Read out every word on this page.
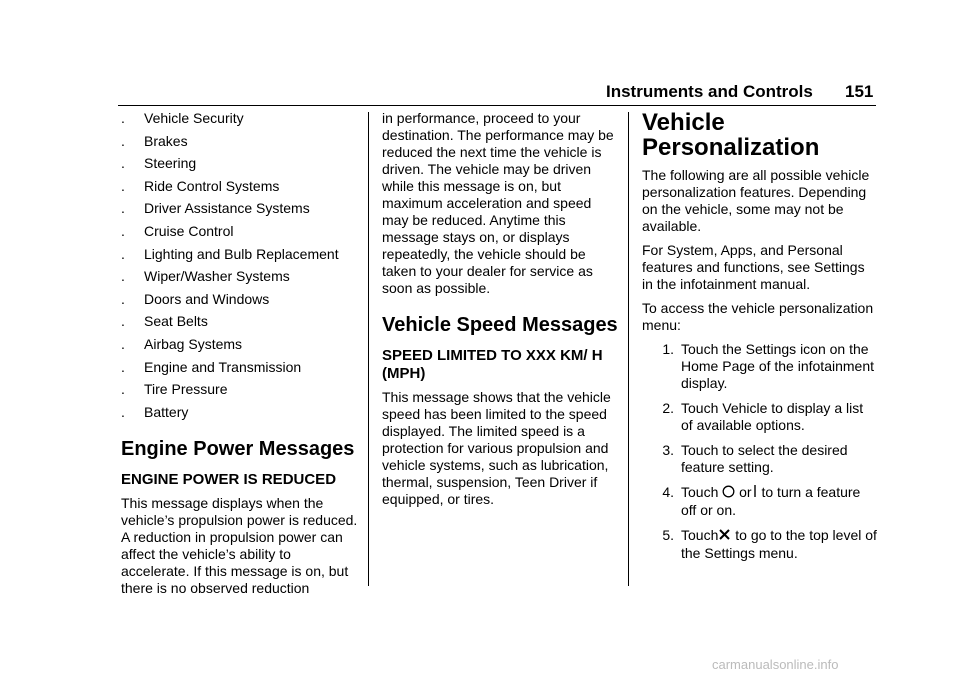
Instruments and Controls 151
.	Vehicle Security
.	Brakes
.	Steering
.	Ride Control Systems
.	Driver Assistance Systems
.	Cruise Control
.	Lighting and Bulb Replacement
.	Wiper/Washer Systems
.	Doors and Windows
.	Seat Belts
.	Airbag Systems
.	Engine and Transmission
.	Tire Pressure
.	Battery
Engine Power Messages
ENGINE POWER IS REDUCED

This message displays when the vehicle’s propulsion power is reduced. A reduction in propulsion power can affect the vehicle’s ability to accelerate. If this message is on, but there is no observed reduction

in performance, proceed to your destination. The performance may be reduced the next time the vehicle is driven. The vehicle may be driven while this message is on, but maximum acceleration and speed may be reduced. Anytime this message stays on, or displays repeatedly, the vehicle should be taken to your dealer for service as soon as possible.

Vehicle Speed Messages
SPEED LIMITED TO XXX KM/ H (MPH)

This message shows that the vehicle speed has been limited to the speed displayed. The limited speed is a protection for various propulsion and vehicle systems, such as lubrication, thermal, suspension, Teen Driver if equipped, or tires.

Vehicle Personalization

The following are all possible vehicle personalization features. Depending on the vehicle, some may not be available.

For System, Apps, and Personal features and functions, see Settings in the infotainment manual.

To access the vehicle personalization menu:

1. Touch the Settings icon on the Home Page of the infotainment display.
2. Touch Vehicle to display a list of available options.
3. Touch to select the desired feature setting.
4. Touch or to turn a feature off or on.
5. Touch to go to the top level of the Settings menu.
carmanualsonline.info
